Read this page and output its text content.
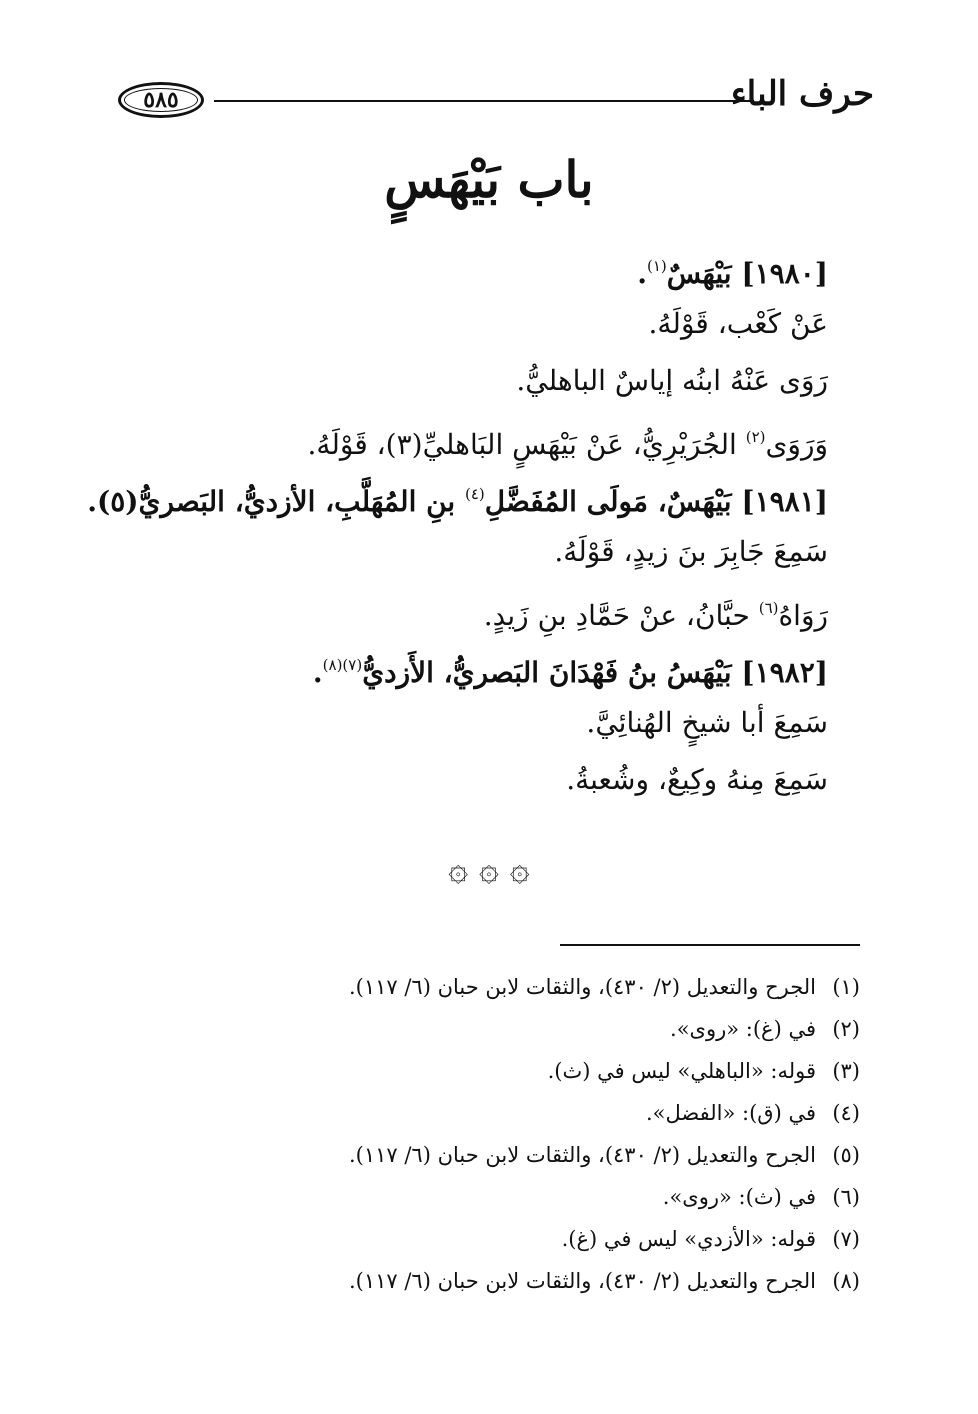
٥٨٥	حرف الباء
باب بَيْهَسٍ
[١٩٨٠] بَيْهَسٌ$^{(١)}$.
عَنْ كَعْب، قَوْلَهُ.
رَوَى عَنْهُ ابنُه إياسٌ الباهليُّ.
وَرَوَى$^{(٢)}$ الجُرَيْرِيُّ، عَنْ بَيْهَسٍ البَاهليِّ(٣)، قَوْلَهُ.
[١٩٨١] بَيْهَسٌ، مَولَى المُفَضَّلِ$^{(٤)}$ بنِ المُهَلَّبِ، الأزديُّ، البَصريُّ(٥).
سَمِعَ جَابِرَ بنَ زيدٍ، قَوْلَهُ.
رَوَاهُ$^{(٦)}$ حبَّانُ، عنْ حَمَّادِ بنِ زَيدٍ.
[١٩٨٢] بَيْهَسُ بنُ فَهْدَانَ البَصريُّ، الأَزديُّ$^{(٧)(٨)}$.
سَمِعَ أبا شيخٍ الهُنائِيَّ.
سَمِعَ مِنهُ وكِيعٌ، وشُعبةُ.
۞ ۞ ۞
(١)الجرح والتعديل (٢/ ٤٣٠)، والثقات لابن حبان (٦/ ١١٧).
(٢)في (غ): «روى».
(٣)قوله: «الباهلي» ليس في (ث).
(٤)في (ق): «الفضل».
(٥)الجرح والتعديل (٢/ ٤٣٠)، والثقات لابن حبان (٦/ ١١٧).
(٦)في (ث): «روى».
(٧)قوله: «الأزدي» ليس في (غ).
(٨)الجرح والتعديل (٢/ ٤٣٠)، والثقات لابن حبان (٦/ ١١٧).
